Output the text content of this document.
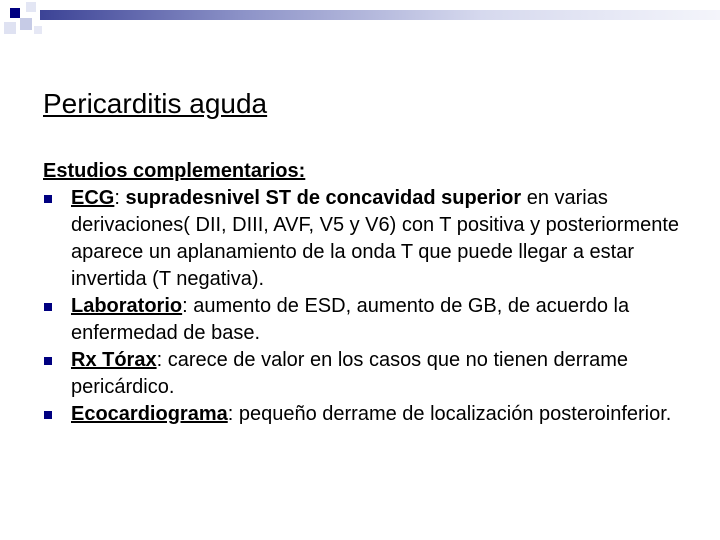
Pericarditis aguda
Estudios complementarios:
ECG: supradesnivel ST de concavidad superior en varias derivaciones( DII, DIII, AVF, V5 y V6) con T positiva y posteriormente aparece un aplanamiento de la onda T que puede llegar a estar invertida (T negativa).
Laboratorio: aumento de ESD, aumento de GB, de acuerdo la enfermedad de base.
Rx Tórax: carece de valor en los casos que no tienen derrame pericárdico.
Ecocardiograma: pequeño derrame de localización posteroinferior.
